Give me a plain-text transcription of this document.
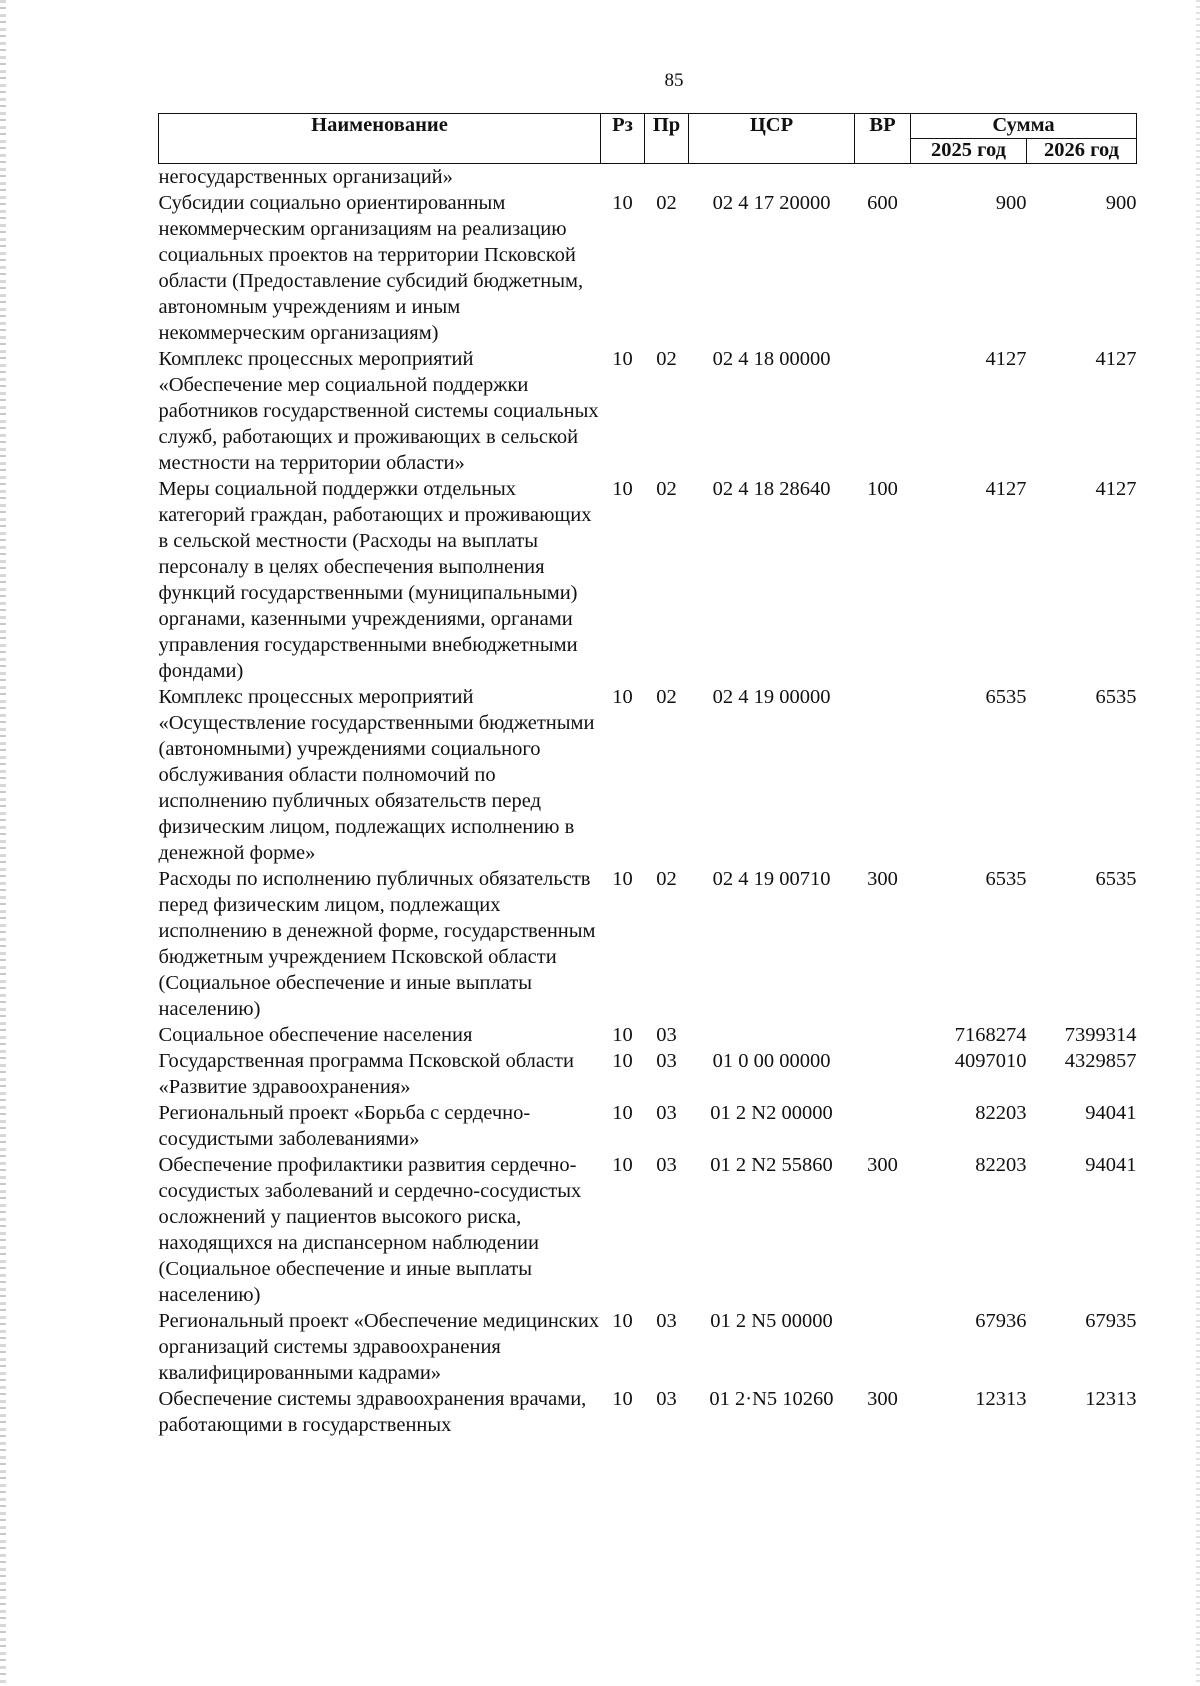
85
Наименование	Рз	Пр	ЦСР	ВР	Сумма	
					2025 год	2026 год
негосударственных организаций»						
Субсидии социально ориентированным некоммерческим организациям на реализацию социальных проектов на территории Псковской области (Предоставление субсидий бюджетным, автономным учреждениям и иным некоммерческим организациям)	10	02	02 4 17 20000	600	900	900
Комплекс процессных мероприятий «Обеспечение мер социальной поддержки работников государственной системы социальных служб, работающих и проживающих в сельской местности на территории области»	10	02	02 4 18 00000		4127	4127
Меры социальной поддержки отдельных категорий граждан, работающих и проживающих в сельской местности (Расходы на выплаты персоналу в целях обеспечения выполнения функций государственными (муниципальными) органами, казенными учреждениями, органами управления государственными внебюджетными фондами)	10	02	02 4 18 28640	100	4127	4127
Комплекс процессных мероприятий «Осуществление государственными бюджетными (автономными) учреждениями социального обслуживания области полномочий по исполнению публичных обязательств перед физическим лицом, подлежащих исполнению в денежной форме»	10	02	02 4 19 00000		6535	6535
Расходы по исполнению публичных обязательств перед физическим лицом, подлежащих исполнению в денежной форме, государственным бюджетным учреждением Псковской области (Социальное обеспечение и иные выплаты населению)	10	02	02 4 19 00710	300	6535	6535
Социальное обеспечение населения	10	03			7168274	7399314
Государственная программа Псковской области «Развитие здравоохранения»	10	03	01 0 00 00000		4097010	4329857
Региональный проект «Борьба с сердечно-сосудистыми заболеваниями»	10	03	01 2 N2 00000		82203	94041
Обеспечение профилактики развития сердечно-сосудистых заболеваний и сердечно-сосудистых осложнений у пациентов высокого риска, находящихся на диспансерном наблюдении (Социальное обеспечение и иные выплаты населению)	10	03	01 2 N2 55860	300	82203	94041
Региональный проект «Обеспечение медицинских организаций системы здравоохранения квалифицированными кадрами»	10	03	01 2 N5 00000		67936	67935
Обеспечение системы здравоохранения врачами, работающими в государственных	10	03	01 2·N5 10260	300	12313	12313
